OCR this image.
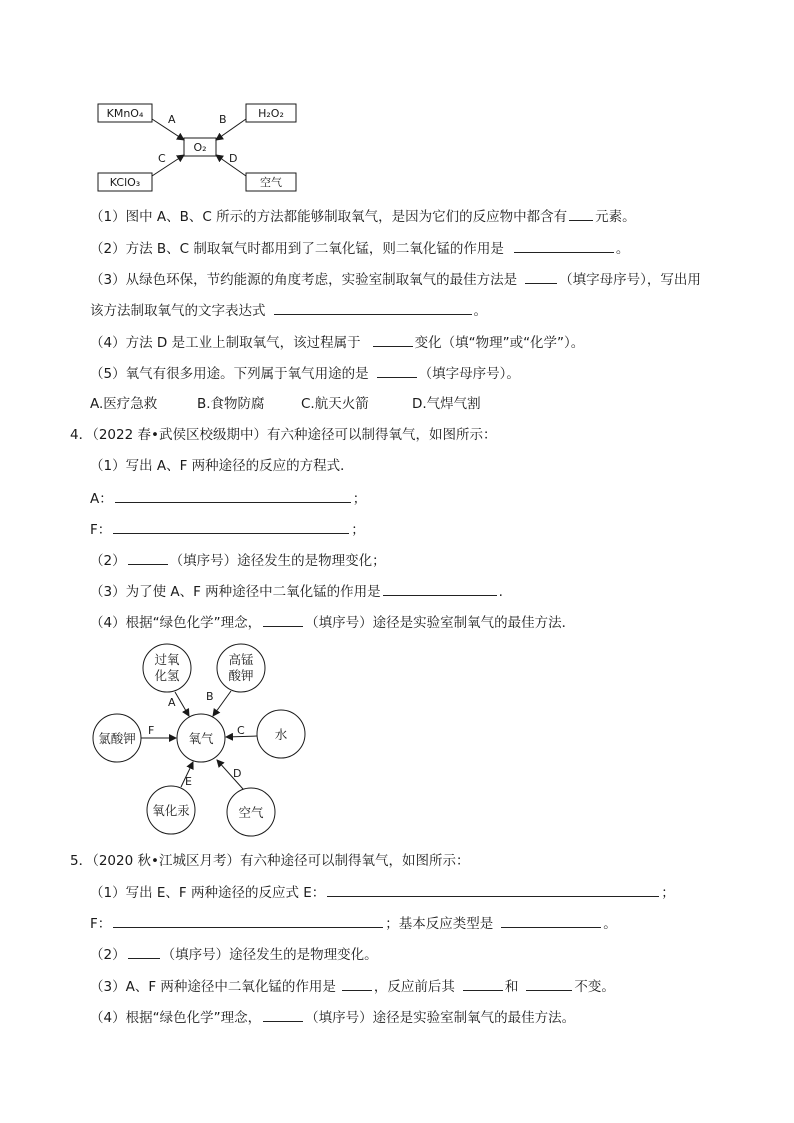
KMnO₄	H₂O₂
O₂
KClO₃	空气
A	B
C	D
（1）图中 A、B、C 所示的方法都能够制取氧气，是因为它们的反应物中都含有 元素。
（2）方法 B、C 制取氧气时都用到了二氧化锰，则二氧化锰的作用是	。
（3）从绿色环保，节约能源的角度考虑，实验室制取氧气的最佳方法是	（填字母序号），写出用
该方法制取氧气的文字表达式	。
（4）方法 D 是工业上制取氧气，该过程属于	变化（填“物理”或“化学”）。
（5）氧气有很多用途。下列属于氧气用途的是	（填字母序号）。
A.医疗急救	B.食物防腐	C.航天火箭	D.气焊气割
4．（2022 春•武侯区校级期中）有六种途径可以制得氧气，如图所示：
（1）写出 A、F 两种途径的反应的方程式．
A：	；
F：	；
（2）	（填序号）途径发生的是物理变化；
（3）为了使 A、F 两种途径中二氧化锰的作用是	.
（4）根据“绿色化学”理念，	（填序号）途径是实验室制氧气的最佳方法．
过氧
化氢
高锰
酸钾
氯酸钾	氧气	水
氧化汞	空气
A	B
F	C
E
D
5．（2020 秋•江城区月考）有六种途径可以制得氧气，如图所示：
（1）写出 E、F 两种途径的反应式 E：	；
F：	；基本反应类型是	。
（2）	（填序号）途径发生的是物理变化。
（3）A、F 两种途径中二氧化锰的作用是	，反应前后其	和	不变。
（4）根据“绿色化学”理念，	（填序号）途径是实验室制氧气的最佳方法。
